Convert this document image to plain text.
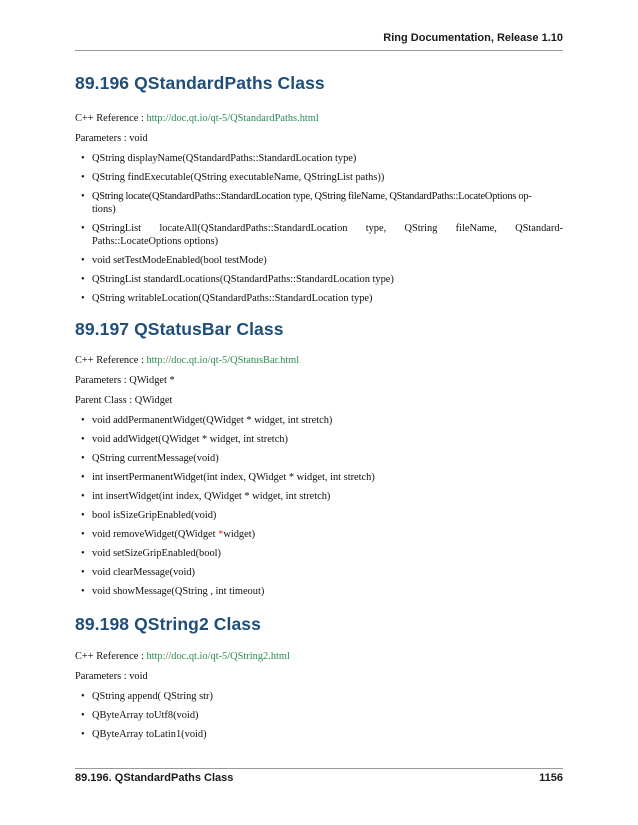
Ring Documentation, Release 1.10
89.196 QStandardPaths Class

C++ Reference : http://doc.qt.io/qt-5/QStandardPaths.html

Parameters : void

• QString displayName(QStandardPaths::StandardLocation type)
• QString findExecutable(QString executableName, QStringList paths))
• QString locate(QStandardPaths::StandardLocation type, QString fileName, QStandardPaths::LocateOptions op-
tions)
• QStringList locateAll(QStandardPaths::StandardLocation type, QString fileName, QStandard-
Paths::LocateOptions options)
• void setTestModeEnabled(bool testMode)
• QStringList standardLocations(QStandardPaths::StandardLocation type)
• QString writableLocation(QStandardPaths::StandardLocation type)
89.197 QStatusBar Class

C++ Reference : http://doc.qt.io/qt-5/QStatusBar.html

Parameters : QWidget *

Parent Class : QWidget

• void addPermanentWidget(QWidget * widget, int stretch)
• void addWidget(QWidget * widget, int stretch)
• QString currentMessage(void)
• int insertPermanentWidget(int index, QWidget * widget, int stretch)
• int insertWidget(int index, QWidget * widget, int stretch)
• bool isSizeGripEnabled(void)
• void removeWidget(QWidget *widget)
• void setSizeGripEnabled(bool)
• void clearMessage(void)
• void showMessage(QString , int timeout)
89.198 QString2 Class

C++ Reference : http://doc.qt.io/qt-5/QString2.html

Parameters : void

• QString append( QString str)
• QByteArray toUtf8(void)
• QByteArray toLatin1(void)
89.196. QStandardPaths Class	1156
